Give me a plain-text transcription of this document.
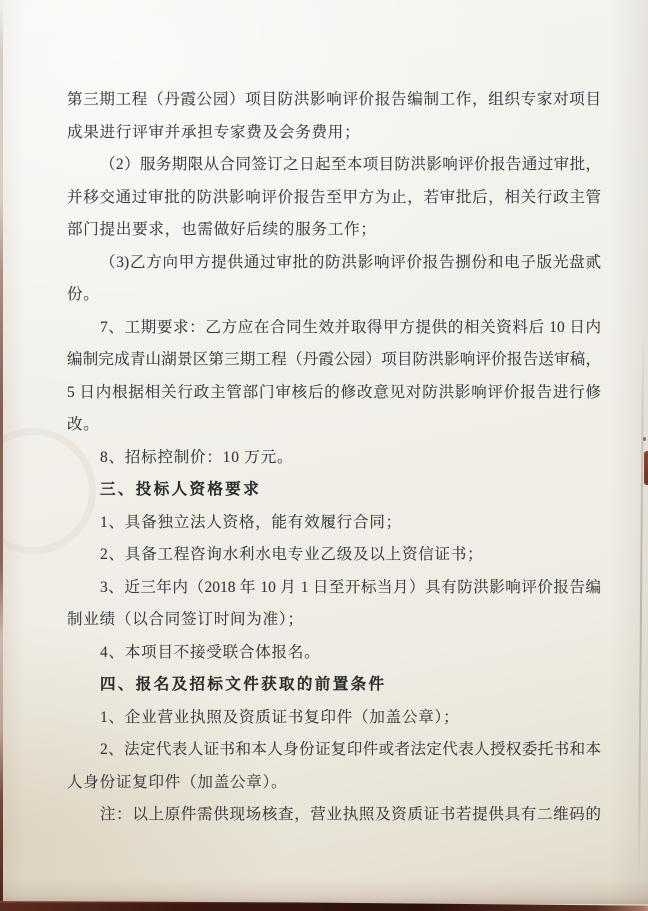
第三期工程（丹霞公园）项目防洪影响评价报告编制工作，组织专家对项目
成果进行评审并承担专家费及会务费用；
（2）服务期限从合同签订之日起至本项目防洪影响评价报告通过审批，
并移交通过审批的防洪影响评价报告至甲方为止，若审批后，相关行政主管
部门提出要求，也需做好后续的服务工作；
（3)乙方向甲方提供通过审批的防洪影响评价报告捌份和电子版光盘贰
份。
7、工期要求：乙方应在合同生效并取得甲方提供的相关资料后 10 日内
编制完成青山湖景区第三期工程（丹霞公园）项目防洪影响评价报告送审稿，
5 日内根据相关行政主管部门审核后的修改意见对防洪影响评价报告进行修
改。
8、招标控制价：10 万元。
三、投标人资格要求
1、具备独立法人资格，能有效履行合同；
2、具备工程咨询水利水电专业乙级及以上资信证书；
3、近三年内（2018 年 10 月 1 日至开标当月）具有防洪影响评价报告编
制业绩（以合同签订时间为准）；
4、本项目不接受联合体报名。
四、报名及招标文件获取的前置条件
1、企业营业执照及资质证书复印件（加盖公章）；
2、法定代表人证书和本人身份证复印件或者法定代表人授权委托书和本
人身份证复印件（加盖公章）。
注：以上原件需供现场核查，营业执照及资质证书若提供具有二维码的
